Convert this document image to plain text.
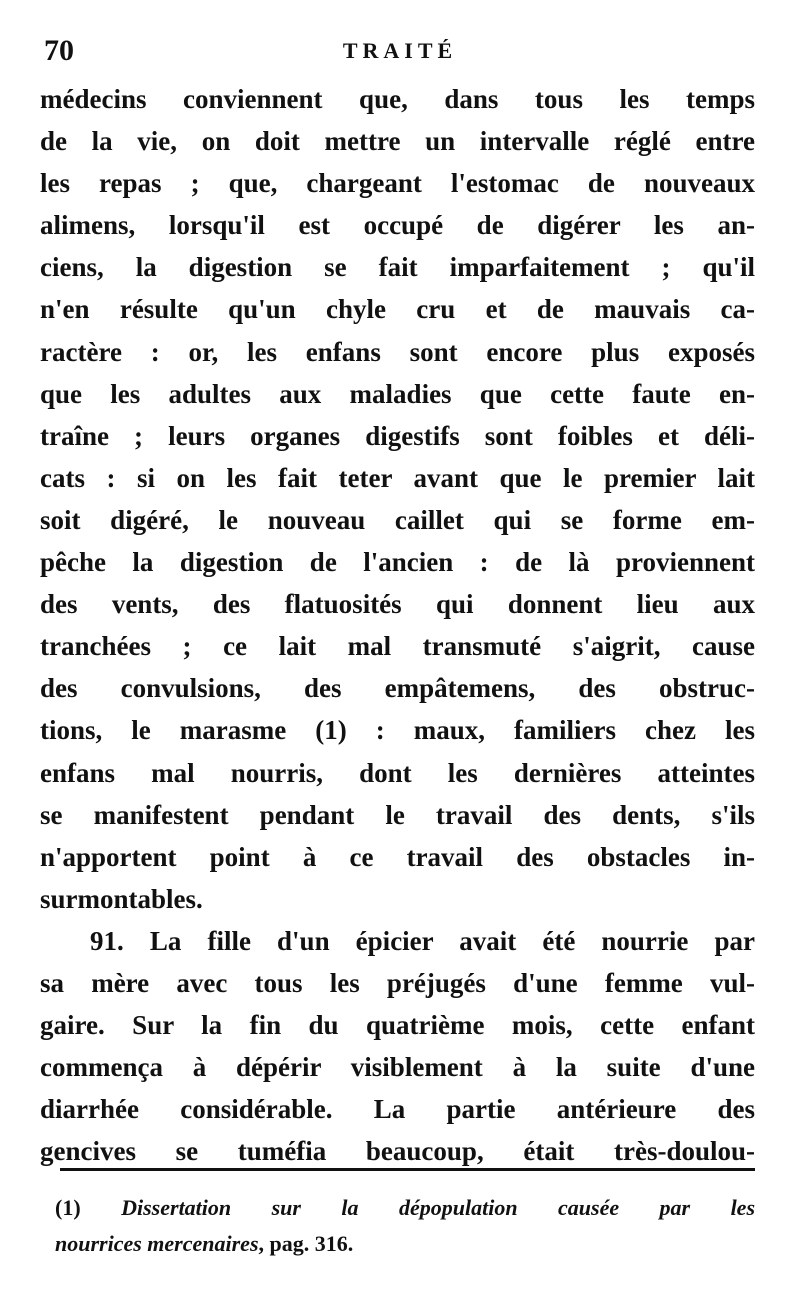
70	TRAITÉ
médecins conviennent que, dans tous les temps
de la vie, on doit mettre un intervalle réglé entre
les repas ; que, chargeant l'estomac de nouveaux
alimens, lorsqu'il est occupé de digérer les an-
ciens, la digestion se fait imparfaitement ; qu'il
n'en résulte qu'un chyle cru et de mauvais ca-
ractère : or, les enfans sont encore plus exposés
que les adultes aux maladies que cette faute en-
traîne ; leurs organes digestifs sont foibles et déli-
cats : si on les fait teter avant que le premier lait
soit digéré, le nouveau caillet qui se forme em-
pêche la digestion de l'ancien : de là proviennent
des vents, des flatuosités qui donnent lieu aux
tranchées ; ce lait mal transmuté s'aigrit, cause
des convulsions, des empâtemens, des obstruc-
tions, le marasme (1) : maux, familiers chez les
enfans mal nourris, dont les dernières atteintes
se manifestent pendant le travail des dents, s'ils
n'apportent point à ce travail des obstacles in-
surmontables.
91. La fille d'un épicier avait été nourrie par
sa mère avec tous les préjugés d'une femme vul-
gaire. Sur la fin du quatrième mois, cette enfant
commença à dépérir visiblement à la suite d'une
diarrhée considérable. La partie antérieure des
gencives se tuméfia beaucoup, était très-doulou-
(1) Dissertation sur la dépopulation causée par les
nourrices mercenaires, pag. 316.
